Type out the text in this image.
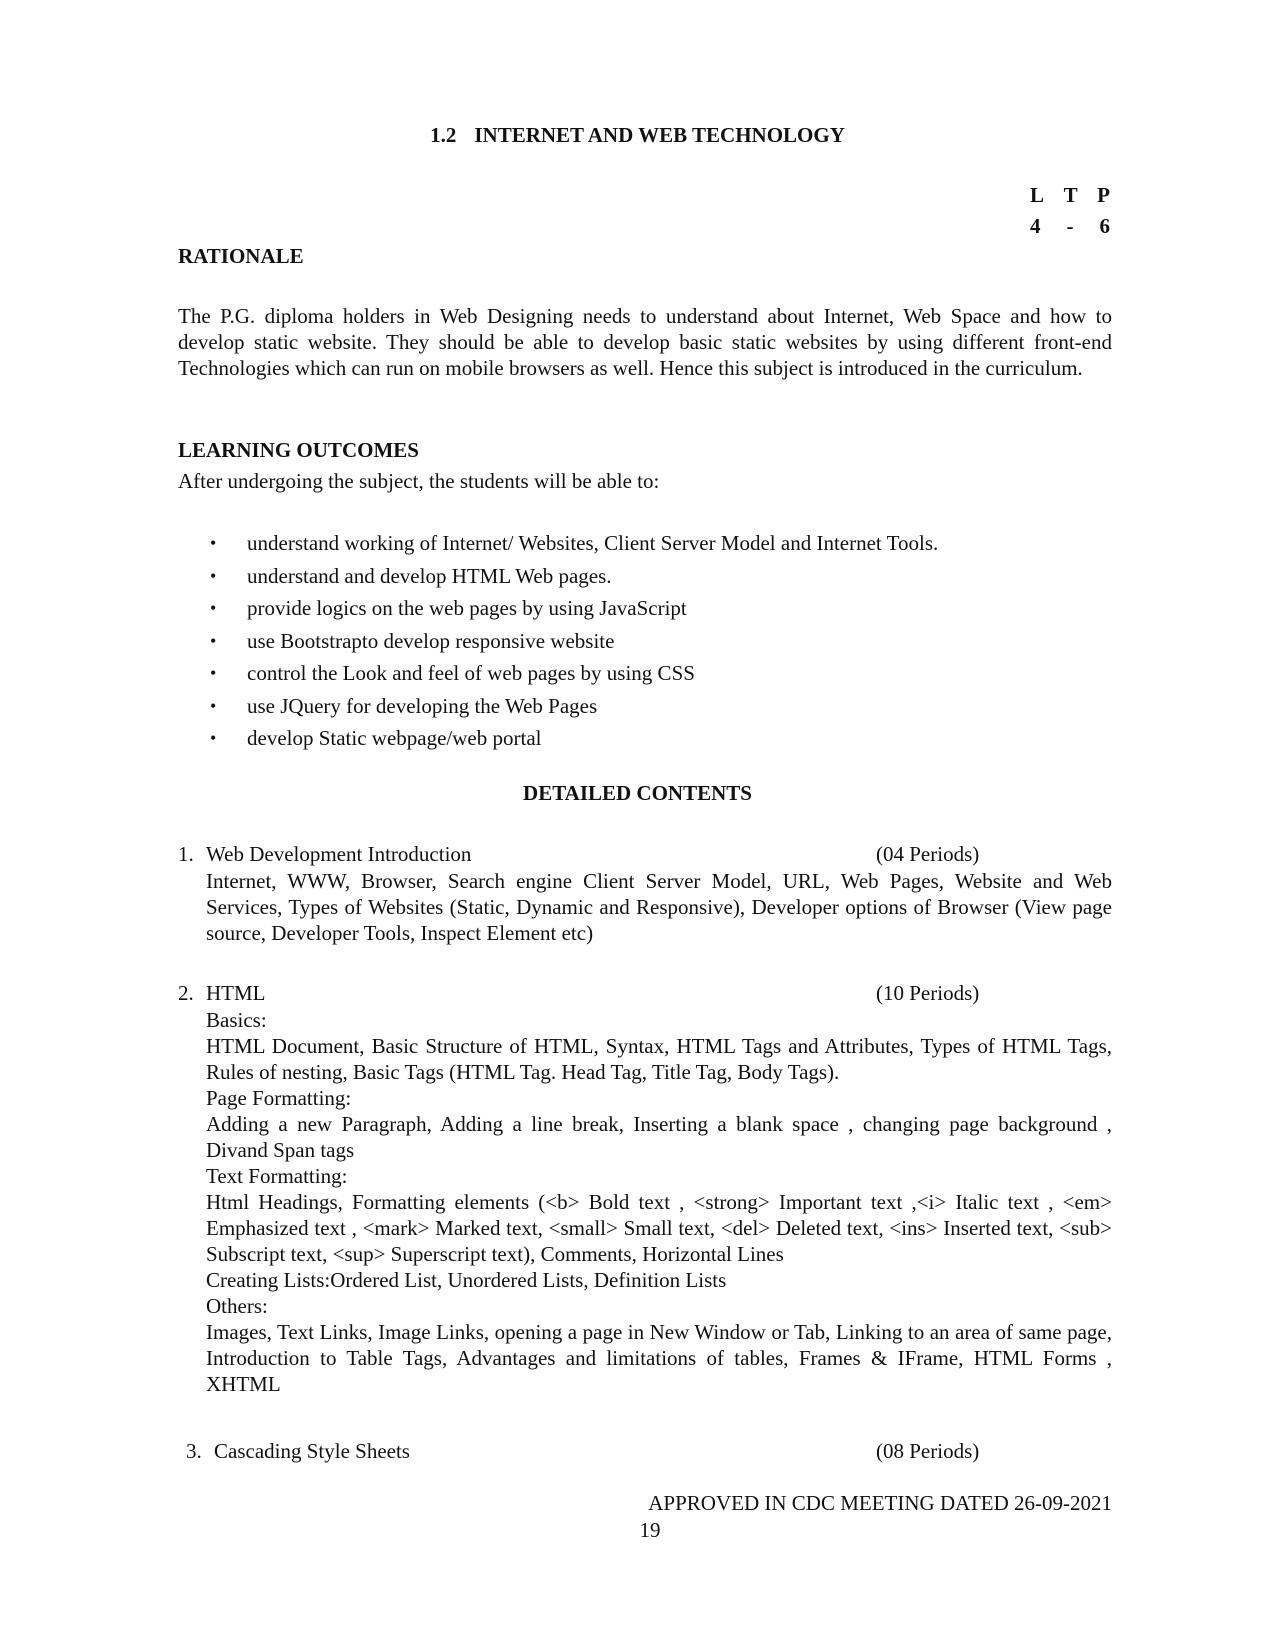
1.2 INTERNET AND WEB TECHNOLOGY
L T P
4 - 6
RATIONALE

The P.G. diploma holders in Web Designing needs to understand about Internet, Web Space and how to develop static website. They should be able to develop basic static websites by using different front-end Technologies which can run on mobile browsers as well. Hence this subject is introduced in the curriculum.

LEARNING OUTCOMES
After undergoing the subject, the students will be able to:
•	understand working of Internet/ Websites, Client Server Model and Internet Tools.
•	understand and develop HTML Web pages.
•	provide logics on the web pages by using JavaScript
•	use Bootstrapto develop responsive website
•	control the Look and feel of web pages by using CSS
•	use JQuery for developing the Web Pages
•	develop Static webpage/web portal
DETAILED CONTENTS
1. Web Development Introduction	(04 Periods)

Internet, WWW, Browser, Search engine Client Server Model, URL, Web Pages, Website and Web Services, Types of Websites (Static, Dynamic and Responsive), Developer options of Browser (View page source, Developer Tools, Inspect Element etc)

2. HTML	(10 Periods)
Basics:
HTML Document, Basic Structure of HTML, Syntax, HTML Tags and Attributes, Types of HTML Tags, Rules of nesting, Basic Tags (HTML Tag. Head Tag, Title Tag, Body Tags).
Page Formatting:
Adding a new Paragraph, Adding a line break, Inserting a blank space , changing page background , Divand Span tags
Text Formatting:
Html Headings, Formatting elements (<b> Bold text , <strong> Important text ,<i> Italic text , <em> Emphasized text , <mark> Marked text, <small> Small text, <del> Deleted text, <ins> Inserted text, <sub> Subscript text, <sup> Superscript text), Comments, Horizontal Lines
Creating Lists:Ordered List, Unordered Lists, Definition Lists
Others:
Images, Text Links, Image Links, opening a page in New Window or Tab, Linking to an area of same page, Introduction to Table Tags, Advantages and limitations of tables, Frames & IFrame, HTML Forms , XHTML
3. Cascading Style Sheets	(08 Periods)
APPROVED IN CDC MEETING DATED 26-09-2021
19
